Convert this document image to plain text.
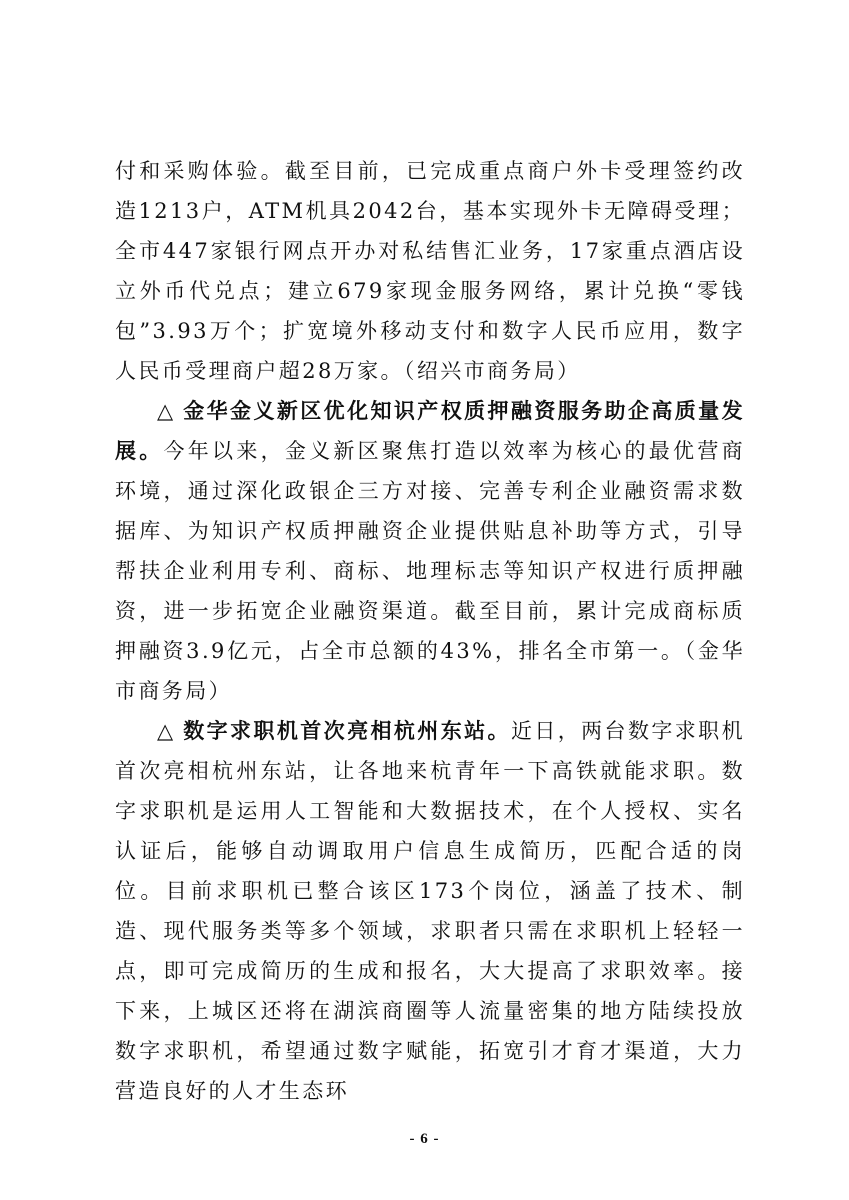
付和采购体验。截至目前，已完成重点商户外卡受理签约改造1213户，ATM机具2042台，基本实现外卡无障碍受理；全市447家银行网点开办对私结售汇业务，17家重点酒店设立外币代兑点；建立679家现金服务网络，累计兑换“零钱包”3.93万个；扩宽境外移动支付和数字人民币应用，数字人民币受理商户超28万家。（绍兴市商务局）

△ 金华金义新区优化知识产权质押融资服务助企高质量发展。今年以来，金义新区聚焦打造以效率为核心的最优营商环境，通过深化政银企三方对接、完善专利企业融资需求数据库、为知识产权质押融资企业提供贴息补助等方式，引导帮扶企业利用专利、商标、地理标志等知识产权进行质押融资，进一步拓宽企业融资渠道。截至目前，累计完成商标质押融资3.9亿元，占全市总额的43%，排名全市第一。（金华市商务局）

△ 数字求职机首次亮相杭州东站。近日，两台数字求职机首次亮相杭州东站，让各地来杭青年一下高铁就能求职。数字求职机是运用人工智能和大数据技术，在个人授权、实名认证后，能够自动调取用户信息生成简历，匹配合适的岗位。目前求职机已整合该区173个岗位，涵盖了技术、制造、现代服务类等多个领域，求职者只需在求职机上轻轻一点，即可完成简历的生成和报名，大大提高了求职效率。接下来，上城区还将在湖滨商圈等人流量密集的地方陆续投放数字求职机，希望通过数字赋能，拓宽引才育才渠道，大力营造良好的人才生态环

- 6 -
